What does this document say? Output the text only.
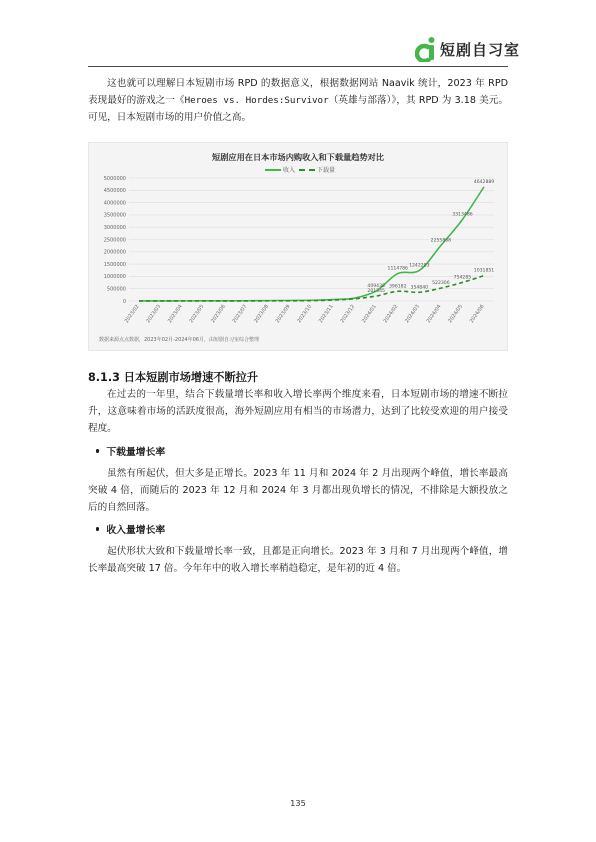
短剧自习室

这也就可以理解日本短剧市场 RPD 的数据意义，根据数据网站 Naavik 统计，2023 年 RPD 表现最好的游戏之一《Heroes vs. Hordes:Survivor（英雄与部落）》，其 RPD 为 3.18 美元。可见，日本短剧市场的用户价值之高。

0
500000
1000000
1500000
2000000
2500000
3000000
3500000
4000000
4500000
5000000
2023/02 2023/03 2023/04 2023/05 2023/06 2023/07 2023/08 2023/09 2023/10 2023/11 2023/12 2024/01 2024/02 2024/03 2024/04 2024/05 2024/06
409438
1114786
1242283
2255868
3313486
4642889
201345
396182 354840
522306
754285
1031851
短剧应用在日本市场内购收入和下载量趋势对比
收入	下载量
数据来源点点数据，2023年02月-2024年06月，由短剧自习室综合整理
8.1.3 日本短剧市场增速不断拉升

在过去的一年里，结合下载量增长率和收入增长率两个维度来看，日本短剧市场的增速不断拉升，这意味着市场的活跃度很高，海外短剧应用有相当的市场潜力，达到了比较受欢迎的用户接受程度。

下载量增长率

虽然有所起伏，但大多是正增长。2023 年 11 月和 2024 年 2 月出现两个峰值，增长率最高突破 4 倍，而随后的 2023 年 12 月和 2024 年 3 月都出现负增长的情况，不排除是大额投放之后的自然回落。

收入量增长率

起伏形状大致和下载量增长率一致，且都是正向增长。2023 年 3 月和 7 月出现两个峰值，增长率最高突破 17 倍。今年年中的收入增长率稍趋稳定，是年初的近 4 倍。

135
